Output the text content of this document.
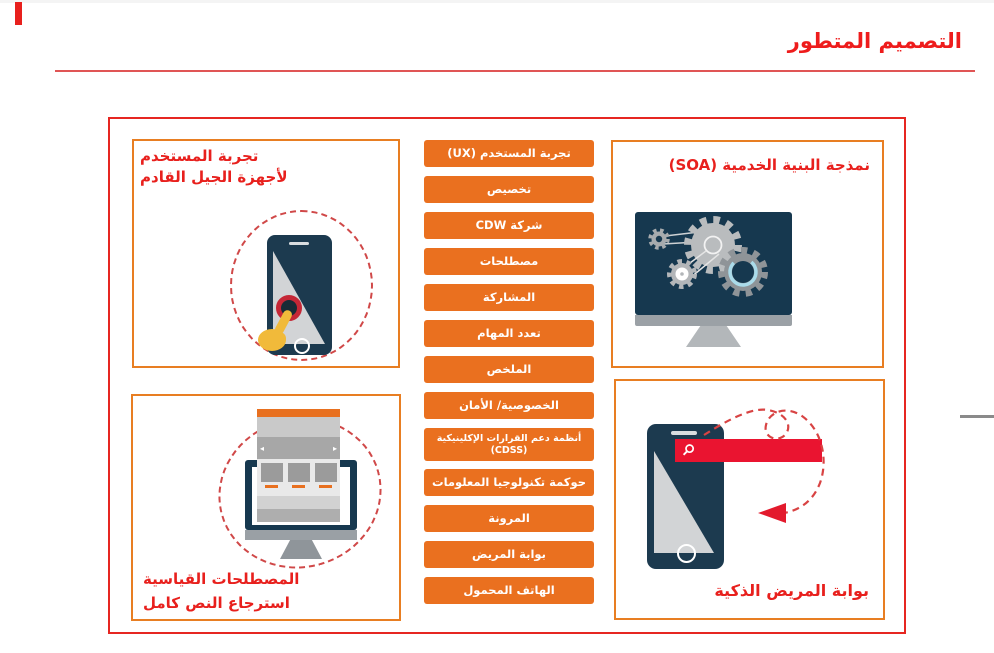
التصميم المتطور
تجربة المستخدم
لأجهزة الجيل القادم
نمذجة البنية الخدمية (SOA)
تجربة المستخدم (UX)
تخصيص
شركة CDW
مصطلحات
المشاركة
تعدد المهام
الملخص
الخصوصية/ الأمان
أنظمة دعم القرارات الإكلينيكية
(CDSS)
حوكمة تكنولوجيا المعلومات
المرونة
بوابة المريض
الهاتف المحمول
◂	▸
المصطلحات القياسية
استرجاع النص كامل
بوابة المريض الذكية
